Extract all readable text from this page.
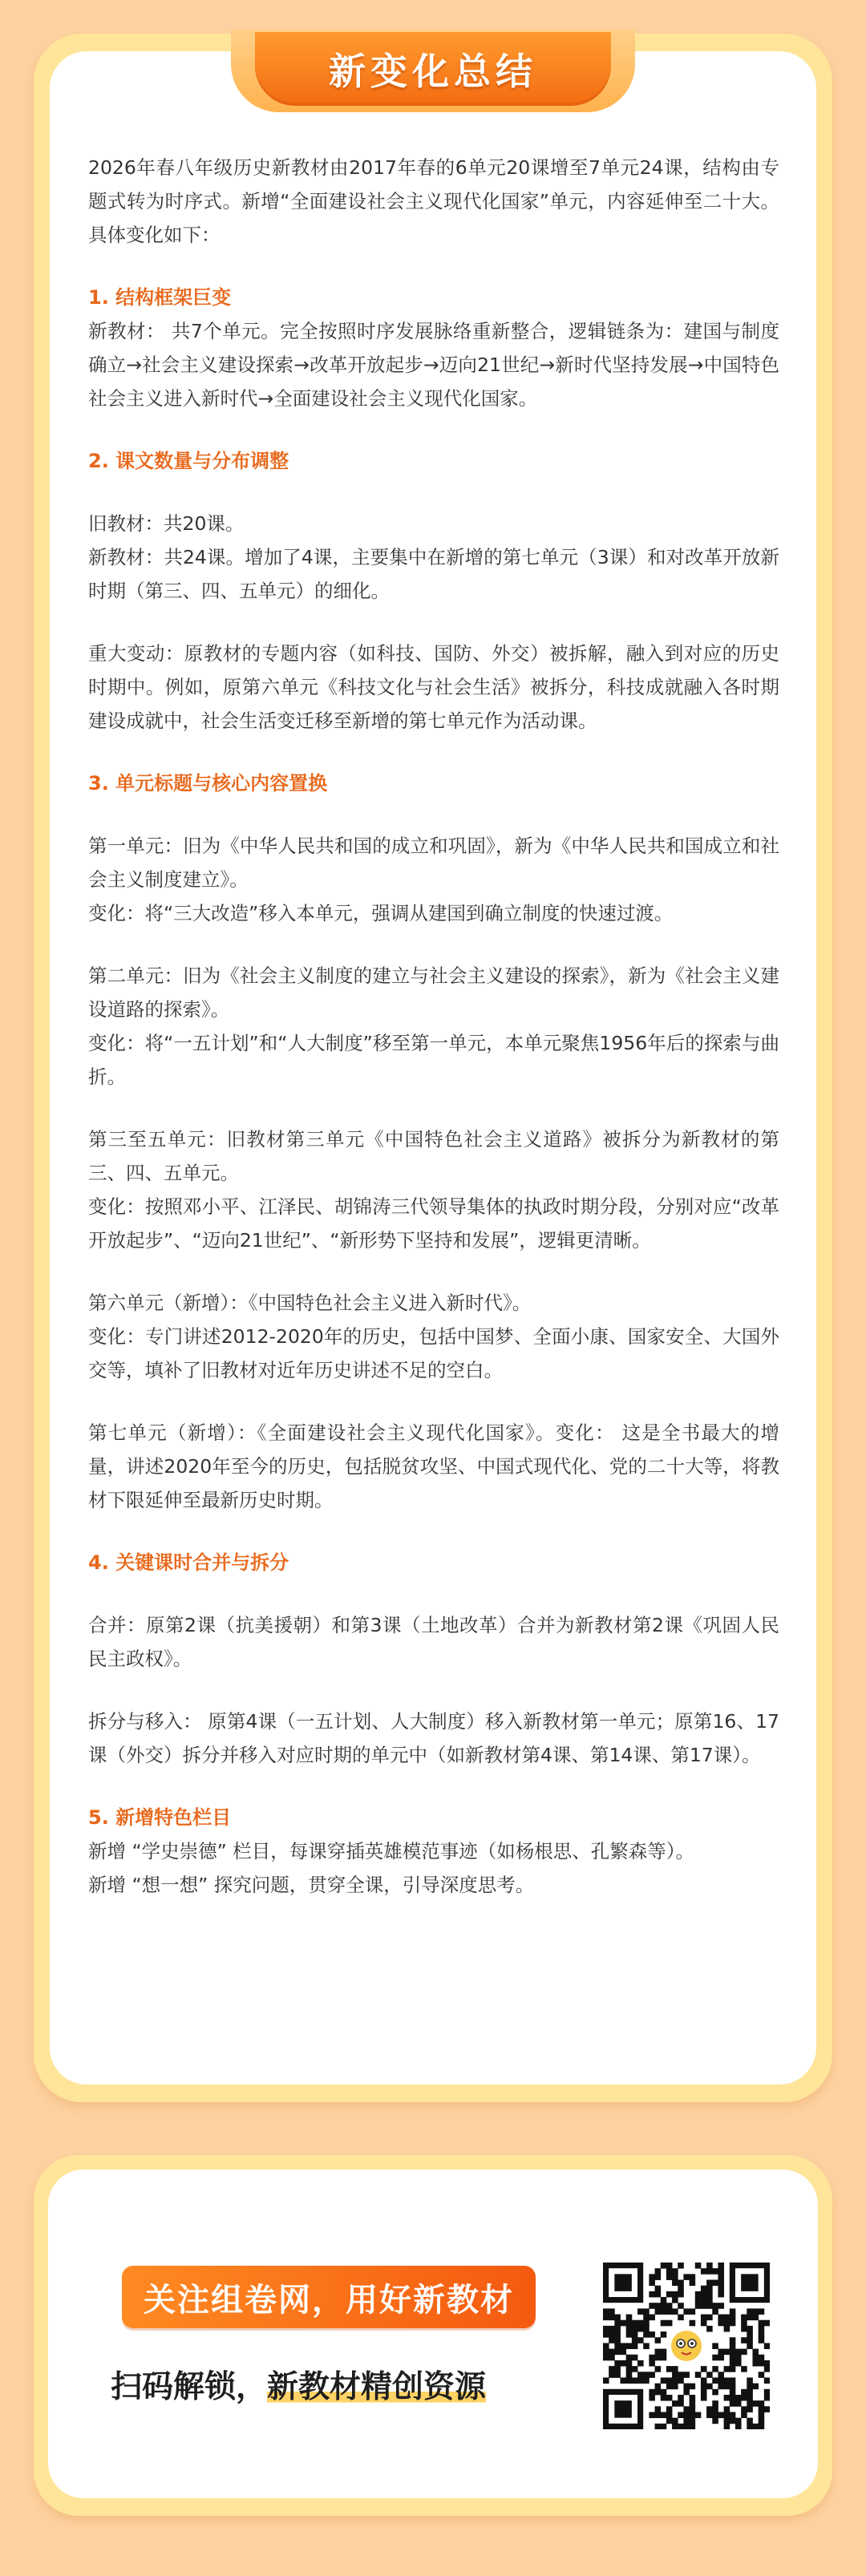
新变化总结

2026年春八年级历史新教材由2017年春的6单元20课增至7单元24课，结构由专题式转为时序式。新增“全面建设社会主义现代化国家”单元，内容延伸至二十大。具体变化如下：

1. 结构框架巨变

新教材： 共7个单元。完全按照时序发展脉络重新整合，逻辑链条为：建国与制度确立→社会主义建设探索→改革开放起步→迈向21世纪→新时代坚持发展→中国特色社会主义进入新时代→全面建设社会主义现代化国家。

2. 课文数量与分布调整

旧教材：共20课。

新教材：共24课。增加了4课，主要集中在新增的第七单元（3课）和对改革开放新时期（第三、四、五单元）的细化。

重大变动：原教材的专题内容（如科技、国防、外交）被拆解，融入到对应的历史时期中。例如，原第六单元《科技文化与社会生活》被拆分，科技成就融入各时期建设成就中，社会生活变迁移至新增的第七单元作为活动课。

3. 单元标题与核心内容置换

第一单元：旧为《中华人民共和国的成立和巩固》，新为《中华人民共和国成立和社会主义制度建立》。

变化：将“三大改造”移入本单元，强调从建国到确立制度的快速过渡。

第二单元：旧为《社会主义制度的建立与社会主义建设的探索》，新为《社会主义建设道路的探索》。

变化：将“一五计划”和“人大制度”移至第一单元，本单元聚焦1956年后的探索与曲折。

第三至五单元：旧教材第三单元《中国特色社会主义道路》被拆分为新教材的第三、四、五单元。

变化：按照邓小平、江泽民、胡锦涛三代领导集体的执政时期分段，分别对应“改革开放起步”、“迈向21世纪”、“新形势下坚持和发展”，逻辑更清晰。

第六单元（新增）：《中国特色社会主义进入新时代》。

变化：专门讲述2012-2020年的历史，包括中国梦、全面小康、国家安全、大国外交等，填补了旧教材对近年历史讲述不足的空白。

第七单元（新增）：《全面建设社会主义现代化国家》。变化： 这是全书最大的增量，讲述2020年至今的历史，包括脱贫攻坚、中国式现代化、党的二十大等，将教材下限延伸至最新历史时期。

4. 关键课时合并与拆分

合并：原第2课（抗美援朝）和第3课（土地改革）合并为新教材第2课《巩固人民民主政权》。

拆分与移入： 原第4课（一五计划、人大制度）移入新教材第一单元；原第16、17课（外交）拆分并移入对应时期的单元中（如新教材第4课、第14课、第17课）。

5. 新增特色栏目

新增 “学史崇德” 栏目，每课穿插英雄模范事迹（如杨根思、孔繁森等）。

新增 “想一想” 探究问题，贯穿全课，引导深度思考。

关注组卷网，用好新教材
扫码解锁，新教材精创资源
